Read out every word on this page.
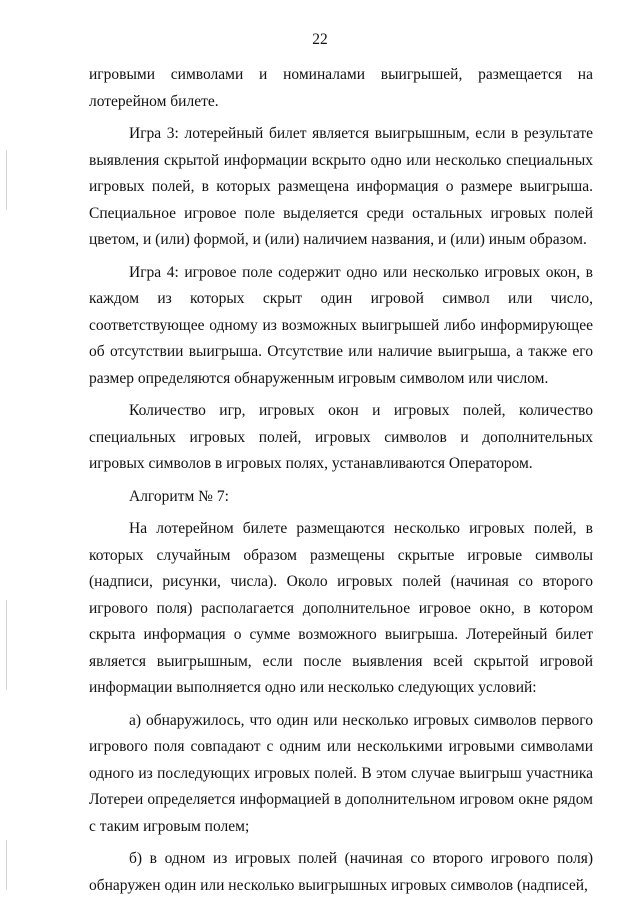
22

игровыми символами и номиналами выигрышей, размещается на лотерейном билете.

Игра 3: лотерейный билет является выигрышным, если в результате выявления скрытой информации вскрыто одно или несколько специальных игровых полей, в которых размещена информация о размере выигрыша. Специальное игровое поле выделяется среди остальных игровых полей цветом, и (или) формой, и (или) наличием названия, и (или) иным образом.

Игра 4: игровое поле содержит одно или несколько игровых окон, в каждом из которых скрыт один игровой символ или число, соответствующее одному из возможных выигрышей либо информирующее об отсутствии выигрыша. Отсутствие или наличие выигрыша, а также его размер определяются обнаруженным игровым символом или числом.

Количество игр, игровых окон и игровых полей, количество специальных игровых полей, игровых символов и дополнительных игровых символов в игровых полях, устанавливаются Оператором.

Алгоритм № 7:

На лотерейном билете размещаются несколько игровых полей, в которых случайным образом размещены скрытые игровые символы (надписи, рисунки, числа). Около игровых полей (начиная со второго игрового поля) располагается дополнительное игровое окно, в котором скрыта информация о сумме возможного выигрыша. Лотерейный билет является выигрышным, если после выявления всей скрытой игровой информации выполняется одно или несколько следующих условий:

а) обнаружилось, что один или несколько игровых символов первого игрового поля совпадают с одним или несколькими игровыми символами одного из последующих игровых полей. В этом случае выигрыш участника Лотереи определяется информацией в дополнительном игровом окне рядом с таким игровым полем;

б) в одном из игровых полей (начиная со второго игрового поля) обнаружен один или несколько выигрышных игровых символов (надписей,
